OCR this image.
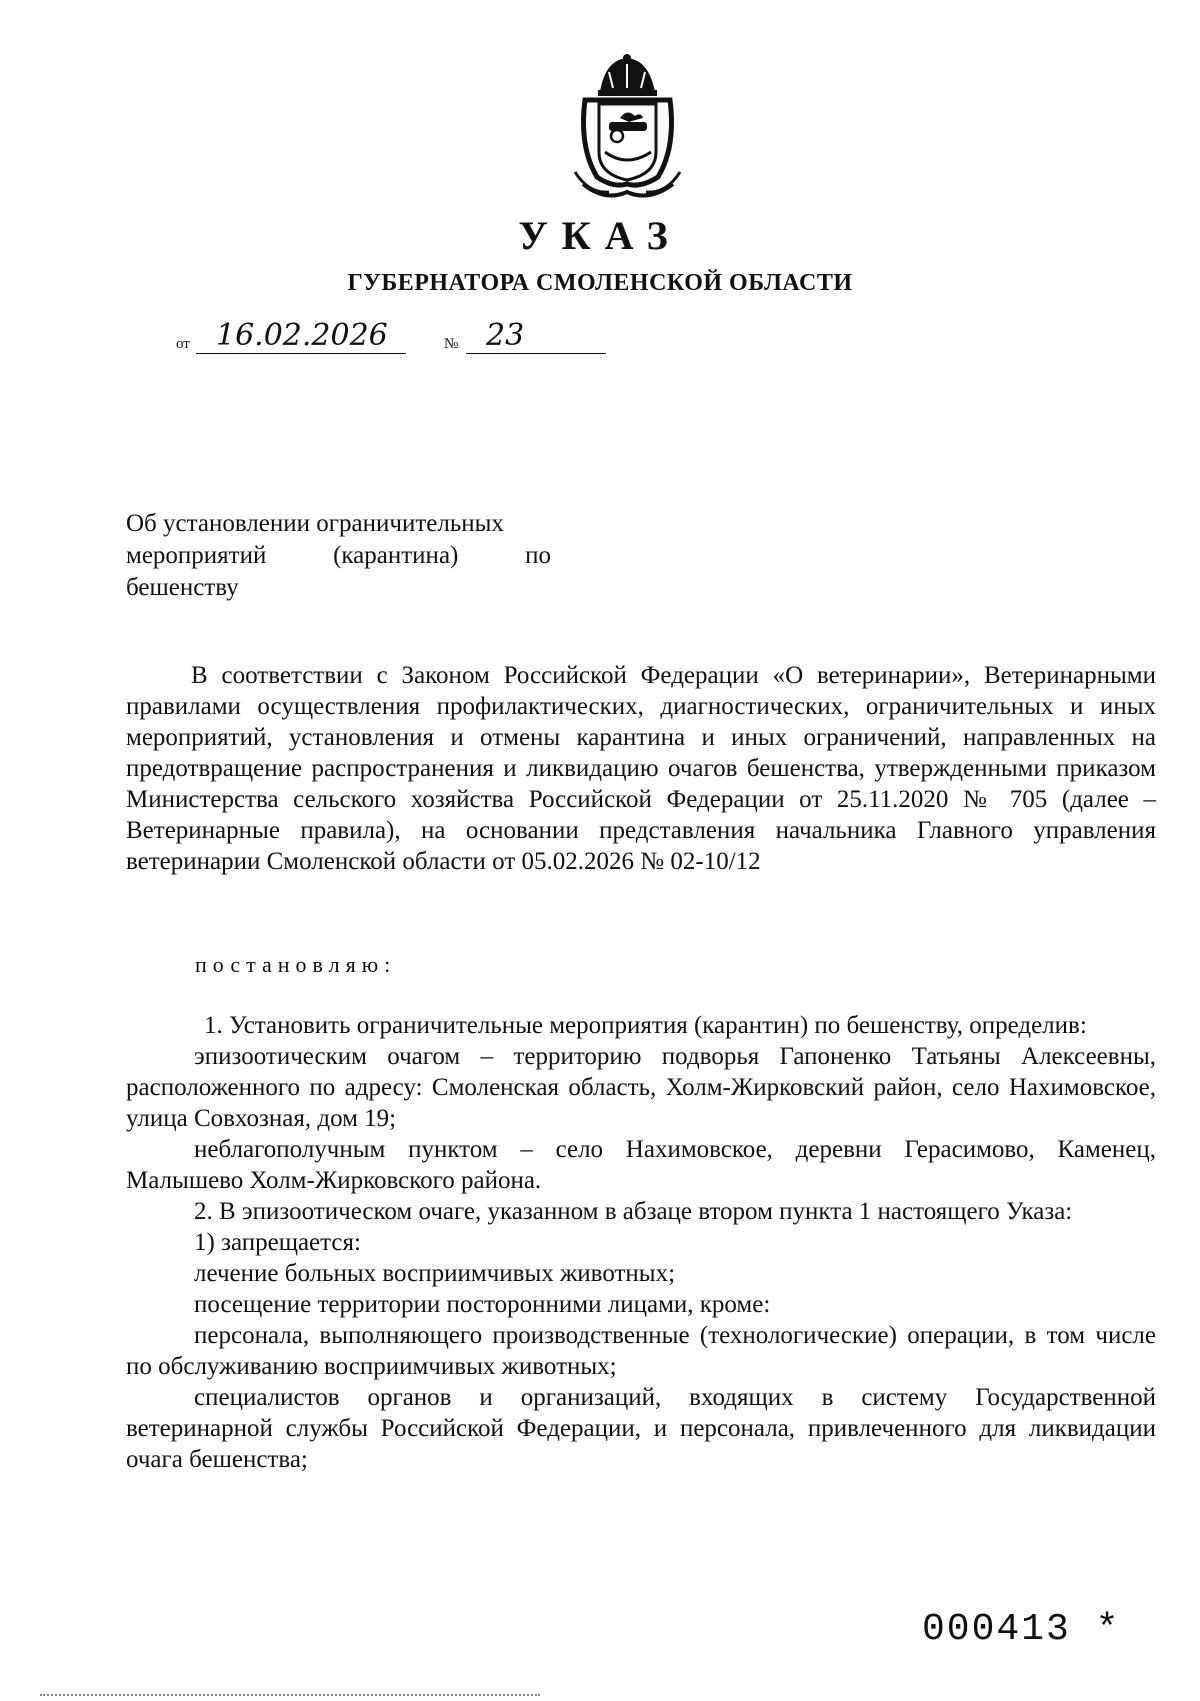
УКАЗ
ГУБЕРНАТОРА СМОЛЕНСКОЙ ОБЛАСТИ
от 16.02.2026	№ 23
Об установлении ограничительных
мероприятий	(карантина)	по
бешенству

В соответствии с Законом Российской Федерации «О ветеринарии», Ветеринарными правилами осуществления профилактических, диагностических, ограничительных и иных мероприятий, установления и отмены карантина и иных ограничений, направленных на предотвращение распространения и ликвидацию очагов бешенства, утвержденными приказом Министерства сельского хозяйства Российской Федерации от 25.11.2020 № 705 (далее – Ветеринарные правила), на основании представления начальника Главного управления ветеринарии Смоленской области от 05.02.2026 № 02-10/12

постановляю:

1. Установить ограничительные мероприятия (карантин) по бешенству, определив:

эпизоотическим очагом – территорию подворья Гапоненко Татьяны Алексеевны, расположенного по адресу: Смоленская область, Холм-Жирковский район, село Нахимовское, улица Совхозная, дом 19;

неблагополучным пунктом – село Нахимовское, деревни Герасимово, Каменец, Малышево Холм-Жирковского района.

2. В эпизоотическом очаге, указанном в абзаце втором пункта 1 настоящего Указа:

1) запрещается:

лечение больных восприимчивых животных;

посещение территории посторонними лицами, кроме:

персонала, выполняющего производственные (технологические) операции, в том числе по обслуживанию восприимчивых животных;

специалистов органов и организаций, входящих в систему Государственной ветеринарной службы Российской Федерации, и персонала, привлеченного для ликвидации очага бешенства;

000413 *
